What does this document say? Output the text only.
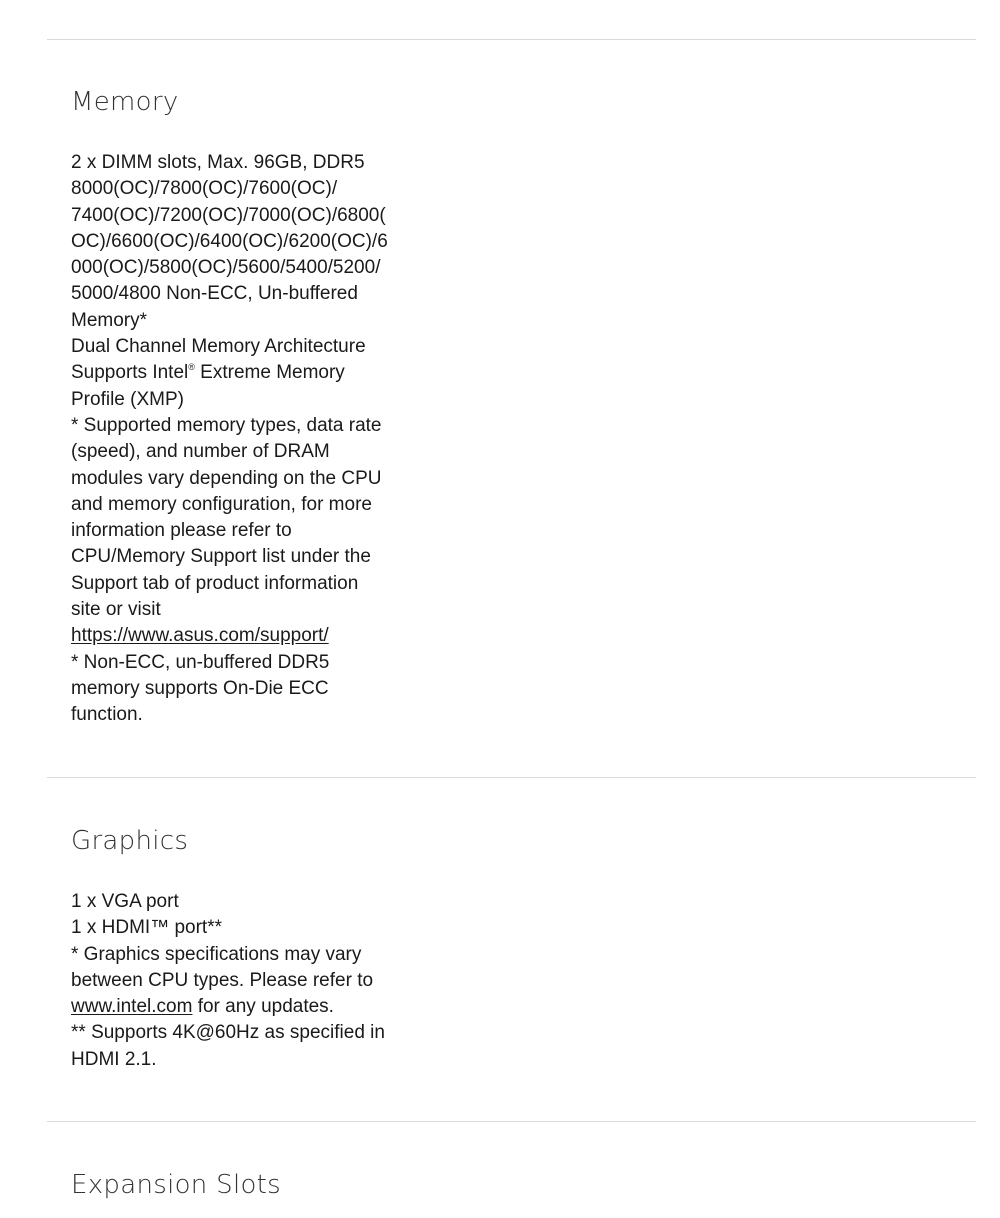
Memory
2 x DIMM slots, Max. 96GB, DDR5
8000(OC)/7800(OC)/7600(OC)/
7400(OC)/7200(OC)/7000(OC)/6800(
OC)/6600(OC)/6400(OC)/6200(OC)/6
000(OC)/5800(OC)/5600/5400/5200/
5000/4800 Non-ECC, Un-buffered
Memory*
Dual Channel Memory Architecture
Supports Intel® Extreme Memory
Profile (XMP)
* Supported memory types, data rate
(speed), and number of DRAM
modules vary depending on the CPU
and memory configuration, for more
information please refer to
CPU/Memory Support list under the
Support tab of product information
site or visit
https://www.asus.com/support/
* Non-ECC, un-buffered DDR5
memory supports On-Die ECC
function.
Graphics
1 x VGA port
1 x HDMI™ port**
* Graphics specifications may vary
between CPU types. Please refer to
www.intel.com for any updates.
** Supports 4K@60Hz as specified in
HDMI 2.1.
Expansion Slots
